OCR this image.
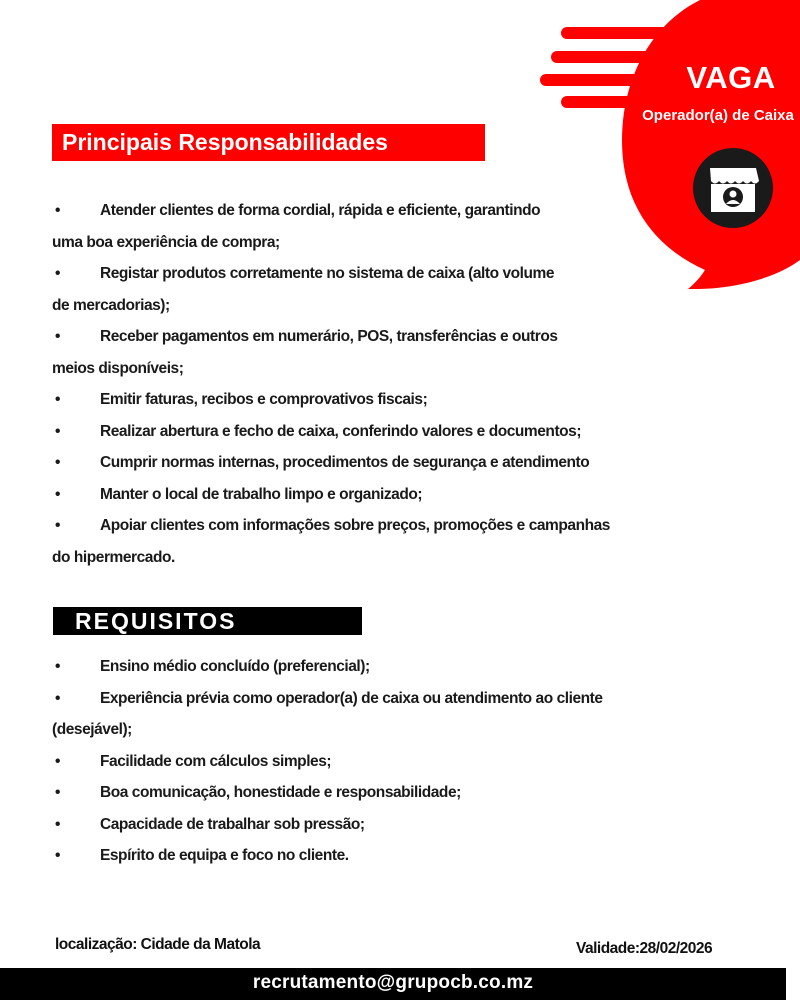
VAGA
Operador(a) de Caixa
Principais Responsabilidades
•	Atender clientes de forma cordial, rápida e eficiente, garantindo
uma boa experiência de compra;
•	Registar produtos corretamente no sistema de caixa (alto volume
de mercadorias);
•	Receber pagamentos em numerário, POS, transferências e outros
meios disponíveis;
•	Emitir faturas, recibos e comprovativos fiscais;
•	Realizar abertura e fecho de caixa, conferindo valores e documentos;
•	Cumprir normas internas, procedimentos de segurança e atendimento
•	Manter o local de trabalho limpo e organizado;
•	Apoiar clientes com informações sobre preços, promoções e campanhas
do hipermercado.
REQUISITOS
•	Ensino médio concluído (preferencial);
•	Experiência prévia como operador(a) de caixa ou atendimento ao cliente
(desejável);
•	Facilidade com cálculos simples;
•	Boa comunicação, honestidade e responsabilidade;
•	Capacidade de trabalhar sob pressão;
•	Espírito de equipa e foco no cliente.
localização: Cidade da Matola	Validade:28/02/2026
recrutamento@grupocb.co.mz
